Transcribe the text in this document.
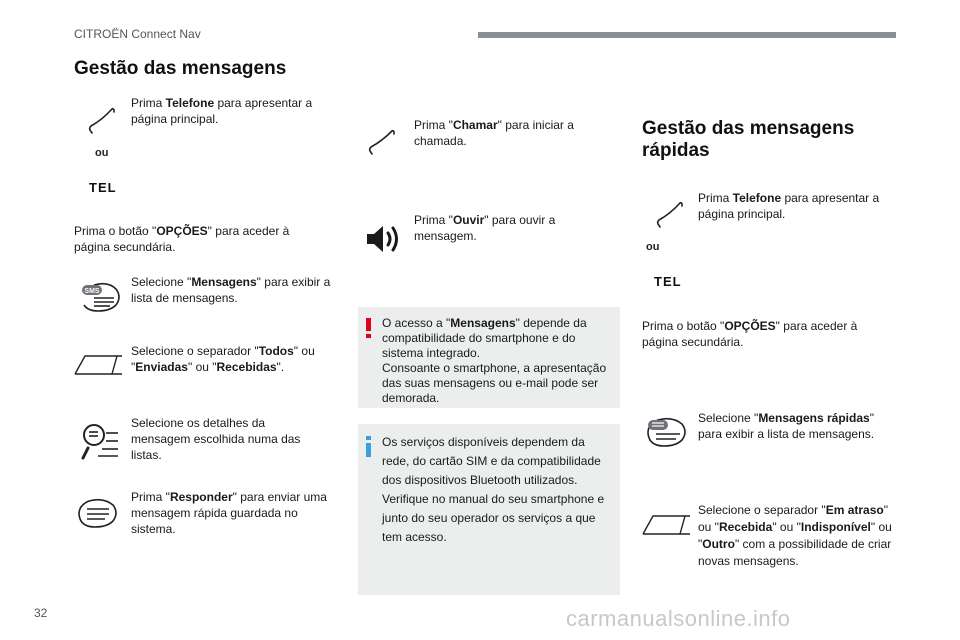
CITROËN Connect Nav
Gestão das mensagens
Prima Telefone para apresentar a página principal.
ou
TEL
Prima o botão "OPÇÕES" para aceder à página secundária.
SMS
Selecione "Mensagens" para exibir a lista de mensagens.
Selecione o separador "Todos" ou "Enviadas" ou "Recebidas".
Selecione os detalhes da mensagem escolhida numa das listas.
Prima "Responder" para enviar uma mensagem rápida guardada no sistema.
Prima "Chamar" para iniciar a chamada.
Prima "Ouvir" para ouvir a mensagem.
O acesso a "Mensagens" depende da compatibilidade do smartphone e do sistema integrado.
Consoante o smartphone, a apresentação das suas mensagens ou e-mail pode ser demorada.
Os serviços disponíveis dependem da rede, do cartão SIM e da compatibilidade dos dispositivos Bluetooth utilizados. Verifique no manual do seu smartphone e junto do seu operador os serviços a que tem acesso.
Gestão das mensagens rápidas
Prima Telefone para apresentar a página principal.
ou
TEL
Prima o botão "OPÇÕES" para aceder à página secundária.
Selecione "Mensagens rápidas" para exibir a lista de mensagens.
Selecione o separador "Em atraso" ou "Recebida" ou "Indisponível" ou "Outro" com a possibilidade de criar novas mensagens.
32	carmanualsonline.info
